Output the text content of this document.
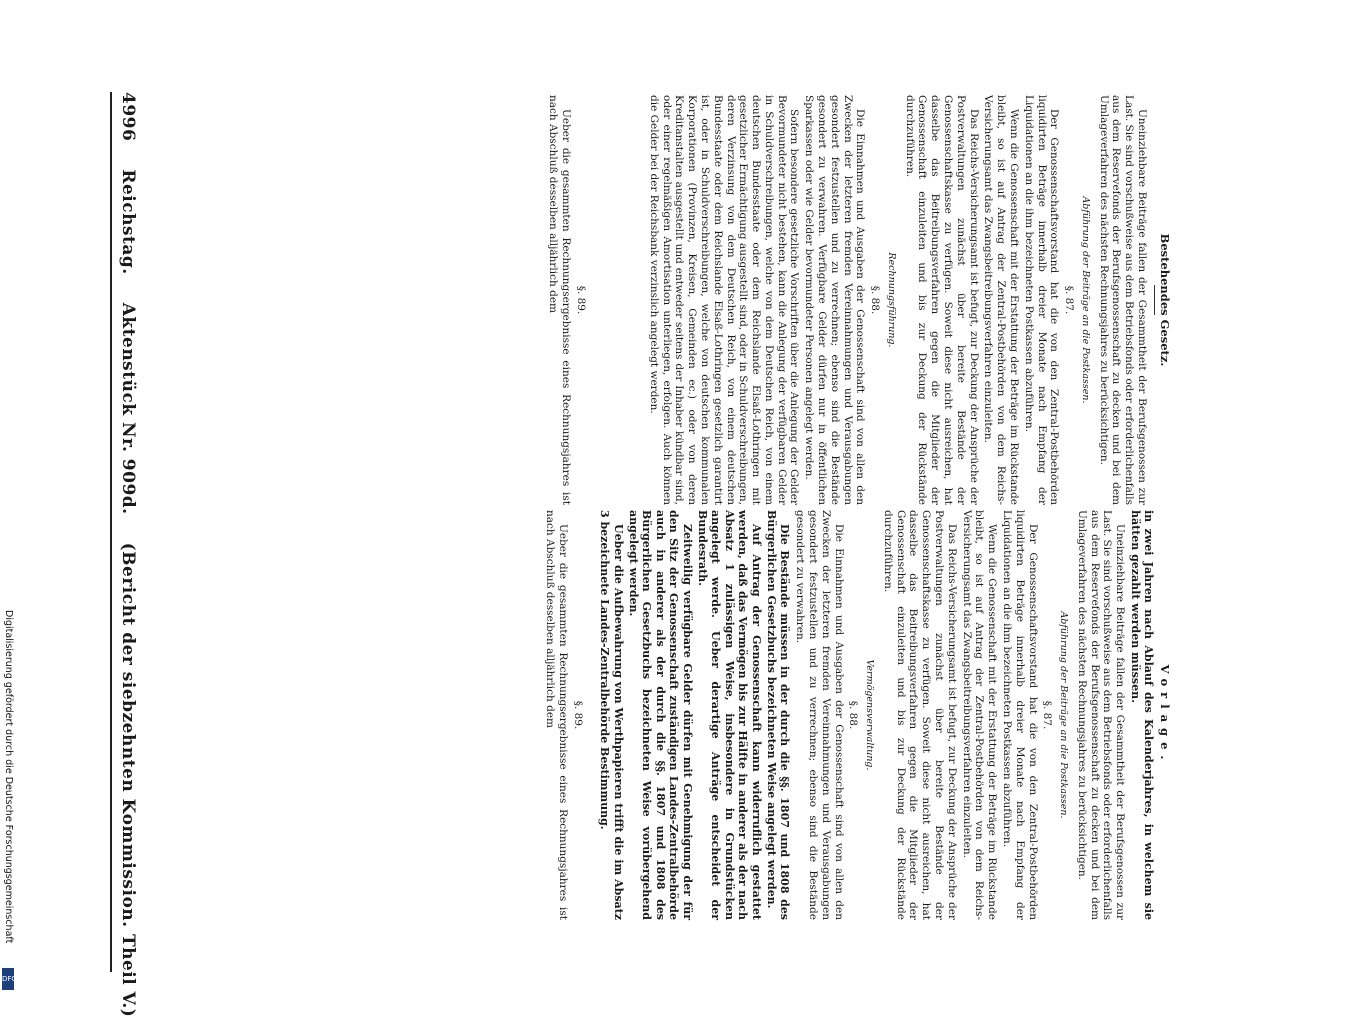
4996
Reichstag.
Aktenstück Nr. 909d.
(Bericht der siebzehnten Kommission. Theil V.)
Bestehendes Gesetz.

Uneinziehbare Beiträge fallen der Gesammtheit der Berufsgenossen zur Last. Sie sind vorschußweise aus dem Betriebsfonds oder erforderlichenfalls aus dem Reservefonds der Berufsgenossenschaft zu decken und bei dem Umlageverfahren des nächsten Rechnungsjahres zu berücksichtigen.

Abführung der Beiträge an die Postkassen.
§. 87.

Der Genossenschaftsvorstand hat die von den Zentral-Postbehörden liquidirten Beträge innerhalb dreier Monate nach Empfang der Liquidationen an die ihm bezeichneten Postkassen abzuführen.

Wenn die Genossenschaft mit der Erstattung der Beträge im Rückstande bleibt, so ist auf Antrag der Zentral-Postbehörden von dem Reichs-Versicherungsamt das Zwangsbeitreibungsverfahren einzuleiten.

Das Reichs-Versicherungsamt ist befugt, zur Deckung der Ansprüche der Postverwaltungen zunächst über bereite Bestände der Genossenschaftskasse zu verfügen. Soweit diese nicht ausreichen, hat dasselbe das Beitreibungsverfahren gegen die Mitglieder der Genossenschaft einzuleiten und bis zur Deckung der Rückstände durchzuführen.

Rechnungsführung.
§. 88.

Die Einnahmen und Ausgaben der Genossenschaft sind von allen den Zwecken der letzteren fremden Vereinnahmungen und Verausgabungen gesondert festzustellen und zu verrechnen; ebenso sind die Bestände gesondert zu verwahren. Verfügbare Gelder dürfen nur in öffentlichen Sparkassen oder wie Gelder bevormundeter Personen angelegt werden.

Sofern besondere gesetzliche Vorschriften über die Anlegung der Gelder Bevormundeter nicht bestehen, kann die Anlegung der verfügbaren Gelder in Schuldverschreibungen, welche von dem Deutschen Reich, von einem deutschen Bundesstaate oder dem Reichslande Elsaß-Lothringen mit gesetzlicher Ermächtigung ausgestellt sind, oder in Schuldverschreibungen, deren Verzinsung von dem Deutschen Reich, von einem deutschen Bundesstaate oder dem Reichslande Elsaß-Lothringen gesetzlich garantirt ist, oder in Schuldverschreibungen, welche von deutschen kommunalen Korporationen (Provinzen, Kreisen, Gemeinden ec.) oder von deren Kreditanstalten ausgestellt und entweder seitens der Inhaber kündbar sind, oder einer regelmäßigen Amortisation unterliegen, erfolgen. Auch können die Gelder bei der Reichsbank verzinslich angelegt werden.

§. 89.

Ueber die gesammten Rechnungsergebnisse eines Rechnungsjahres ist nach Abschluß desselben alljährlich dem

Vorlage.

in zwei Jahren nach Ablauf des Kalenderjahres, in welchem sie hätten gezahlt werden müssen.

Uneinziehbare Beiträge fallen der Gesammtheit der Berufsgenossen zur Last. Sie sind vorschußweise aus dem Betriebsfonds oder erforderlichenfalls aus dem Reservefonds der Berufsgenossenschaft zu decken und bei dem Umlageverfahren des nächsten Rechnungsjahres zu berücksichtigen.

Abführung der Beiträge an die Postkassen.
§. 87.

Der Genossenschaftsvorstand hat die von den Zentral-Postbehörden liquidirten Beträge innerhalb dreier Monate nach Empfang der Liquidationen an die ihm bezeichneten Postkassen abzuführen.

Wenn die Genossenschaft mit der Erstattung der Beträge im Rückstande bleibt, so ist auf Antrag der Zentral-Postbehörden von dem Reichs-Versicherungsamt das Zwangsbeitreibungsverfahren einzuleiten.

Das Reichs-Versicherungsamt ist befugt, zur Deckung der Ansprüche der Postverwaltungen zunächst über bereite Bestände der Genossenschaftskasse zu verfügen. Soweit diese nicht ausreichen, hat dasselbe das Beitreibungsverfahren gegen die Mitglieder der Genossenschaft einzuleiten und bis zur Deckung der Rückstände durchzuführen.

Vermögensverwaltung.
§. 88.

Die Einnahmen und Ausgaben der Genossenschaft sind von allen den Zwecken der letzteren fremden Vereinnahmungen und Verausgabungen gesondert festzustellen und zu verrechnen; ebenso sind die Bestände gesondert zu verwahren.

Die Bestände müssen in der durch die §§. 1807 und 1808 des Bürgerlichen Gesetzbuchs bezeichneten Weise angelegt werden.

Auf Antrag der Genossenschaft kann widerruflich gestattet werden, daß das Vermögen bis zur Hälfte in anderer als der nach Absatz 1 zulässigen Weise, insbesondere in Grundstücken angelegt werde. Ueber derartige Anträge entscheidet der Bundesrath.

Zeitweilig verfügbare Gelder dürfen mit Genehmigung der für den Sitz der Genossenschaft zuständigen Landes-Zentralbehörde auch in anderer als der durch die §§. 1807 und 1808 des Bürgerlichen Gesetzbuchs bezeichneten Weise vorübergehend angelegt werden.

Ueber die Aufbewahrung von Werthpapieren trifft die im Absatz 3 bezeichnete Landes-Zentralbehörde Bestimmung.

§. 89.

Ueber die gesammten Rechnungsergebnisse eines Rechnungsjahres ist nach Abschluß desselben alljährlich dem

Digitalisierung gefördert durch die Deutsche Forschungsgemeinschaft
DFG
